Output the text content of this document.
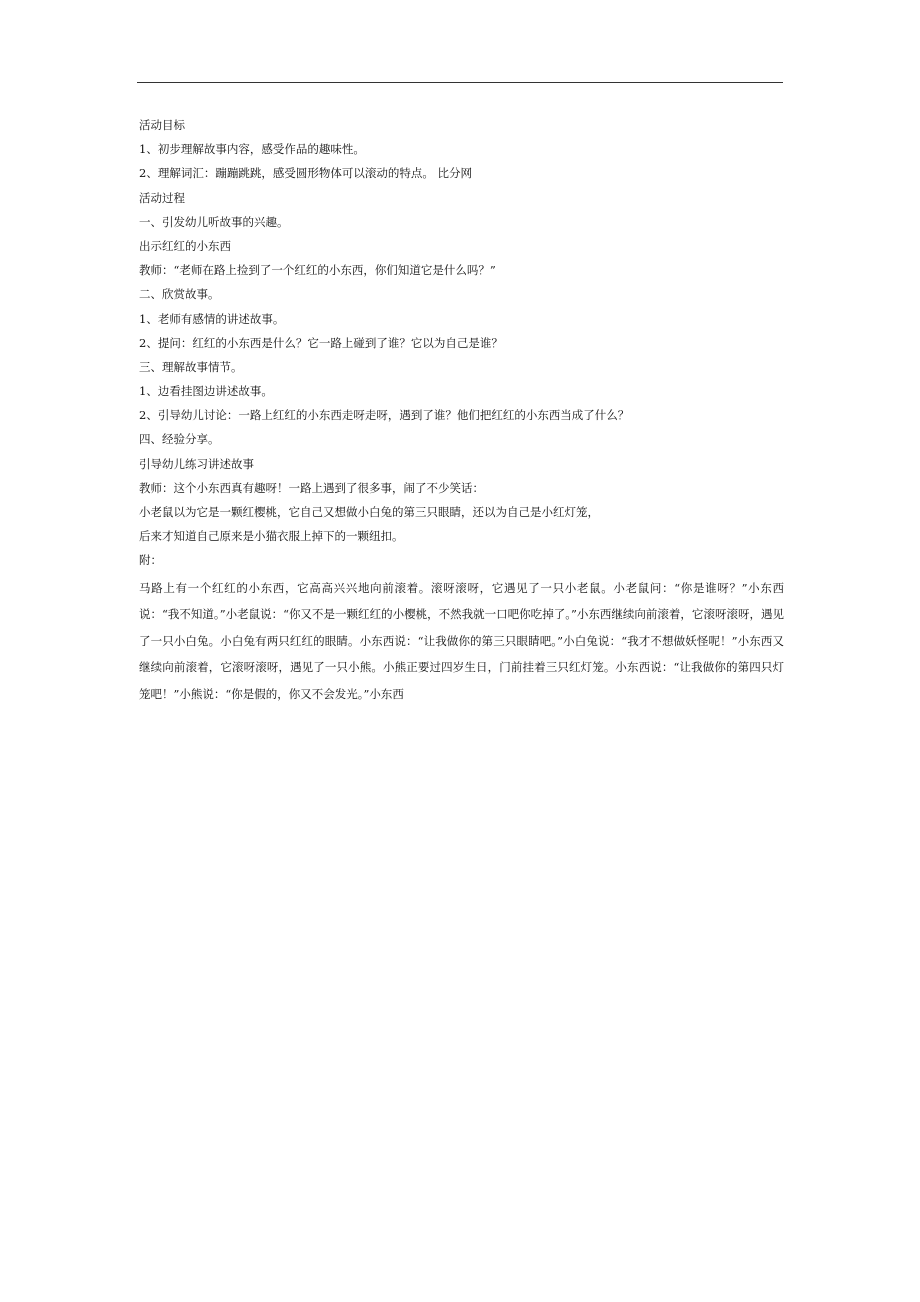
活动目标
1、初步理解故事内容，感受作品的趣味性。
2、理解词汇：蹦蹦跳跳，感受圆形物体可以滚动的特点。 比分网
活动过程
一、引发幼儿听故事的兴趣。
出示红红的小东西
教师：“老师在路上捡到了一个红红的小东西，你们知道它是什么吗？”
二、欣赏故事。
1、老师有感情的讲述故事。
2、提问：红红的小东西是什么？它一路上碰到了谁？它以为自己是谁？
三、理解故事情节。
1、边看挂图边讲述故事。
2、引导幼儿讨论：一路上红红的小东西走呀走呀，遇到了谁？他们把红红的小东西当成了什么？
四、经验分享。
引导幼儿练习讲述故事
教师：这个小东西真有趣呀！一路上遇到了很多事，闹了不少笑话：
小老鼠以为它是一颗红樱桃，它自己又想做小白兔的第三只眼睛，还以为自己是小红灯笼，
后来才知道自己原来是小猫衣服上掉下的一颗纽扣。
附：
马路上有一个红红的小东西，它高高兴兴地向前滚着。滚呀滚呀，它遇见了一只小老鼠。小老鼠问：“你是谁呀？”小东西说：“我不知道。”小老鼠说：“你又不是一颗红红的小樱桃，不然我就一口吧你吃掉了。”小东西继续向前滚着，它滚呀滚呀，遇见了一只小白兔。小白兔有两只红红的眼睛。小东西说：“让我做你的第三只眼睛吧。”小白兔说：“我才不想做妖怪呢！”小东西又继续向前滚着，它滚呀滚呀，遇见了一只小熊。小熊正要过四岁生日，门前挂着三只红灯笼。小东西说：“让我做你的第四只灯笼吧！”小熊说：“你是假的，你又不会发光。”小东西
